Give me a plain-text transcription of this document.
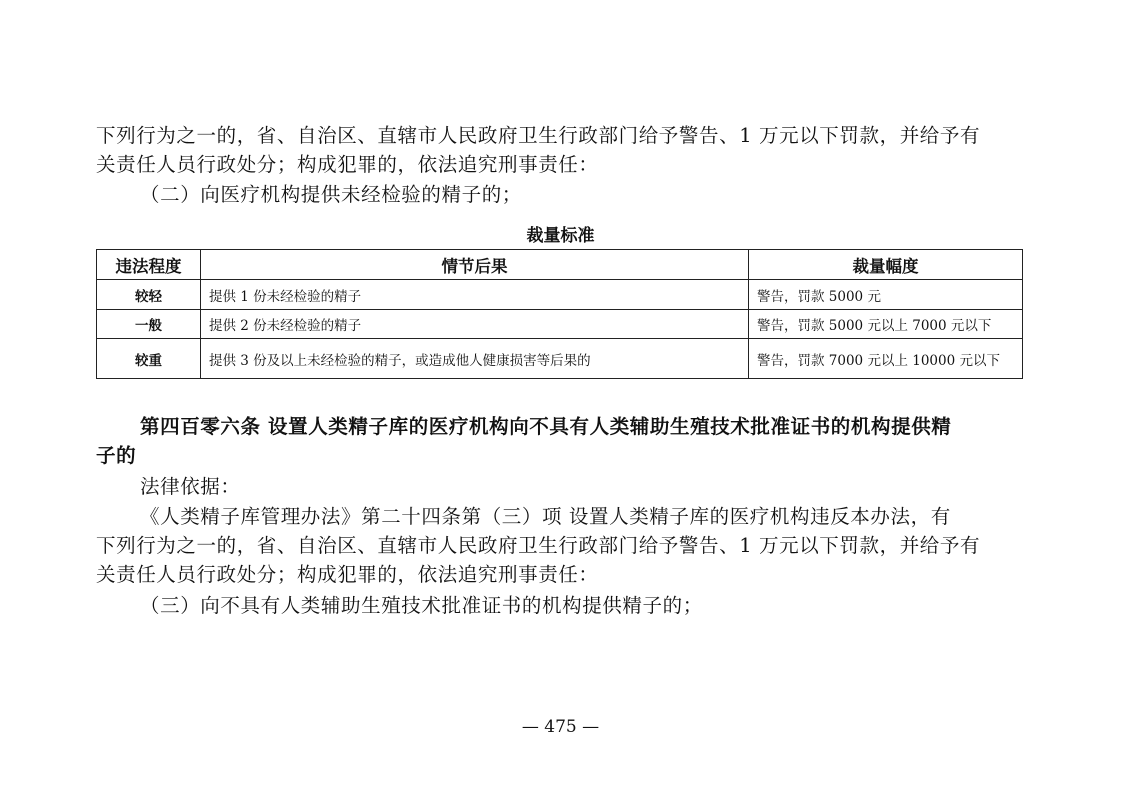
下列行为之一的，省、自治区、直辖市人民政府卫生行政部门给予警告、1 万元以下罚款，并给予有
关责任人员行政处分；构成犯罪的，依法追究刑事责任：
（二）向医疗机构提供未经检验的精子的；
裁量标准
违法程度	情节后果	裁量幅度
较轻	提供 1 份未经检验的精子	警告，罚款 5000 元
一般	提供 2 份未经检验的精子	警告，罚款 5000 元以上 7000 元以下
较重	提供 3 份及以上未经检验的精子，或造成他人健康损害等后果的	警告，罚款 7000 元以上 10000 元以下
第四百零六条 设置人类精子库的医疗机构向不具有人类辅助生殖技术批准证书的机构提供精
子的
法律依据：
《人类精子库管理办法》第二十四条第（三）项 设置人类精子库的医疗机构违反本办法，有
下列行为之一的，省、自治区、直辖市人民政府卫生行政部门给予警告、1 万元以下罚款，并给予有
关责任人员行政处分；构成犯罪的，依法追究刑事责任：
（三）向不具有人类辅助生殖技术批准证书的机构提供精子的；
— 475 —
